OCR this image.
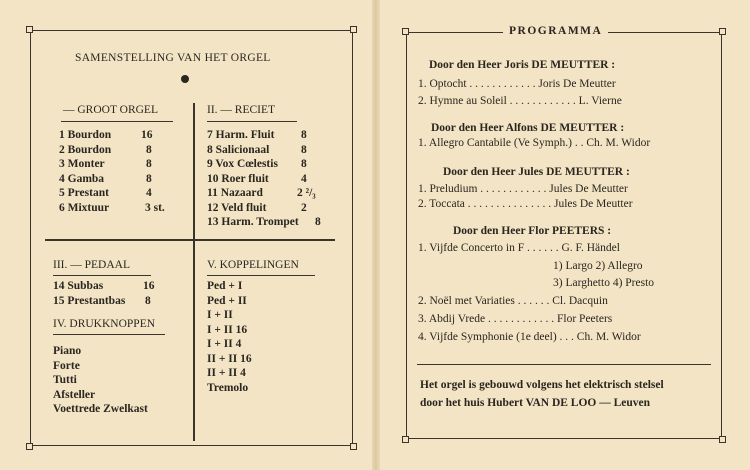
SAMENSTELLING VAN HET ORGEL
— GROOT ORGEL
1 Bourdon	16
2 Bourdon	8
3 Monter	8
4 Gamba	8
5 Prestant	4
6 Mixtuur	3 st.
II. — RECIET
7 Harm. Fluit 8
8 Salicionaal	8
9 Vox Cœlestis 8
10 Roer fluit	4
11 Nazaard	2 ²/₃
12 Veld fluit	2
13 Harm. Trompet 8
III. — PEDAAL
14 Subbas	16
15 Prestantbas 8
IV. DRUKKNOPPEN
Piano
Forte
Tutti
Afsteller
Voettrede Zwelkast
V. KOPPELINGEN
Ped + I
Ped + II
I + II
I + II 16
I + II 4
II + II 16
II + II 4
Tremolo
PROGRAMMA
Door den Heer Joris DE MEUTTER :
1. Optocht . . . . . . . . . . . . Joris De Meutter
2. Hymne au Soleil . . . . . . . . . . . . L. Vierne
Door den Heer Alfons DE MEUTTER :
1. Allegro Cantabile (Ve Symph.) . . Ch. M. Widor
Door den Heer Jules DE MEUTTER :
1. Preludium . . . . . . . . . . . . Jules De Meutter
2. Toccata . . . . . . . . . . . . . . . Jules De Meutter
Door den Heer Flor PEETERS :
1. Vijfde Concerto in F . . . . . . G. F. Händel
1) Largo 2) Allegro
3) Larghetto 4) Presto
2. Noël met Variaties . . . . . . Cl. Dacquin
3. Abdij Vrede . . . . . . . . . . . . Flor Peeters
4. Vijfde Symphonie (1e deel) . . . Ch. M. Widor
Het orgel is gebouwd volgens het elektrisch stelsel
door het huis Hubert VAN DE LOO — Leuven
